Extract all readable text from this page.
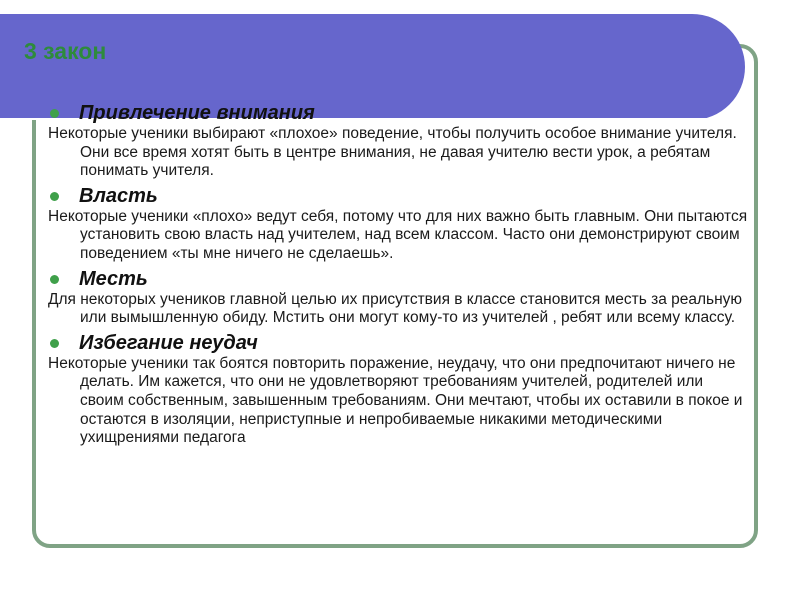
3 закон
Привлечение внимания

Некоторые ученики выбирают «плохое» поведение, чтобы получить особое внимание учителя. Они все время хотят быть в центре внимания, не давая учителю вести урок, а ребятам понимать учителя.

Власть

Некоторые ученики «плохо» ведут себя, потому что для них важно быть главным. Они пытаются установить свою власть над учителем, над всем классом. Часто они демонстрируют своим поведением «ты мне ничего не сделаешь».

Месть

Для некоторых учеников главной целью их присутствия в классе становится месть за реальную или вымышленную обиду. Мстить они могут кому-то из учителей , ребят или всему классу.

Избегание неудач

Некоторые ученики так боятся повторить поражение, неудачу, что они предпочитают ничего не делать. Им кажется, что они не удовлетворяют требованиям учителей, родителей или своим собственным, завышенным требованиям. Они мечтают, чтобы их оставили в покое и остаются в изоляции, неприступные и непробиваемые никакими методическими ухищрениями педагога
